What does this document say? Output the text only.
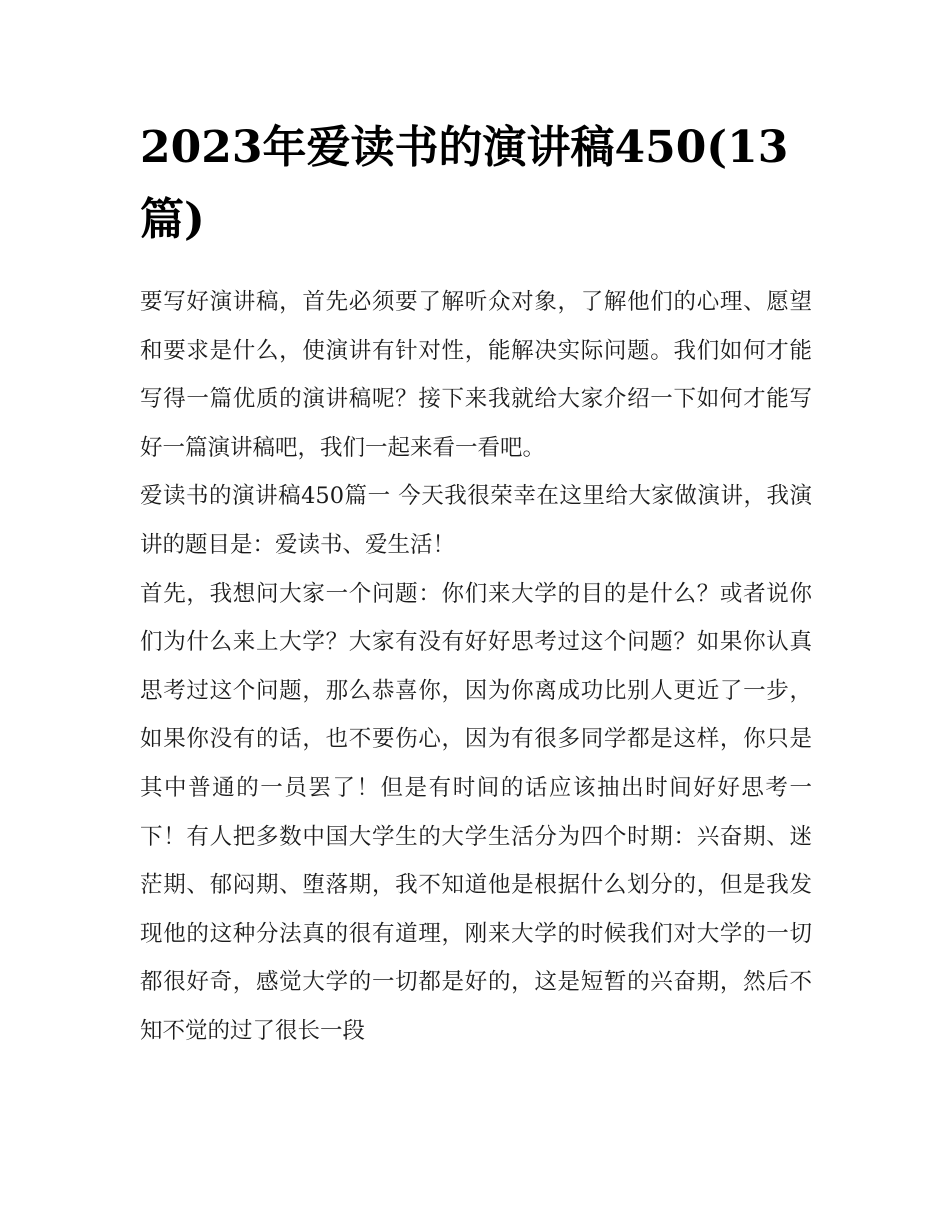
2023年爱读书的演讲稿450(13篇)

要写好演讲稿，首先必须要了解听众对象，了解他们的心理、愿望和要求是什么，使演讲有针对性，能解决实际问题。我们如何才能写得一篇优质的演讲稿呢？接下来我就给大家介绍一下如何才能写好一篇演讲稿吧，我们一起来看一看吧。

爱读书的演讲稿450篇一 今天我很荣幸在这里给大家做演讲，我演讲的题目是：爱读书、爱生活！

首先，我想问大家一个问题：你们来大学的目的是什么？或者说你们为什么来上大学？大家有没有好好思考过这个问题？如果你认真思考过这个问题，那么恭喜你，因为你离成功比别人更近了一步，如果你没有的话，也不要伤心，因为有很多同学都是这样，你只是其中普通的一员罢了！但是有时间的话应该抽出时间好好思考一下！有人把多数中国大学生的大学生活分为四个时期：兴奋期、迷茫期、郁闷期、堕落期，我不知道他是根据什么划分的，但是我发现他的这种分法真的很有道理，刚来大学的时候我们对大学的一切都很好奇，感觉大学的一切都是好的，这是短暂的兴奋期，然后不知不觉的过了很长一段
